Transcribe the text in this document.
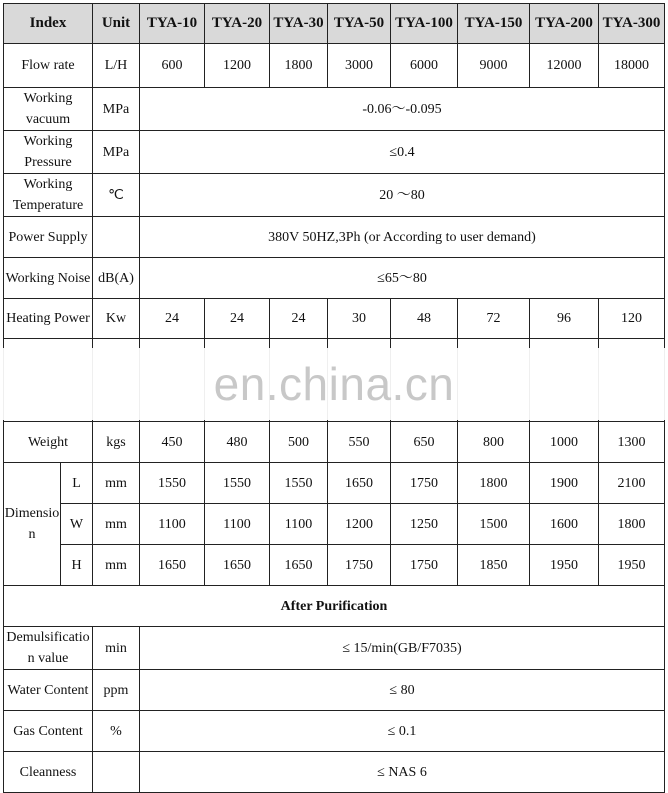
Index		Unit	TYA-10	TYA-20	TYA-30	TYA-50	TYA-100	TYA-150	TYA-200	TYA-300
Flow rate		L/H	600	1200	1800	3000	6000	9000	12000	18000
Working vacuum		MPa	-0.06～-0.095							
Working Pressure		MPa	≤0.4							
Working Temperature		℃	20 ～80							
Power Supply			380V 50HZ,3Ph (or According to user demand)							
Working Noise		dB(A)	≤65～80							
Heating Power		Kw	24	24	24	30	48	72	96	120

Weight		kgs	450	480	500	550	650	800	1000	1300
Dimension	L	mm	1550	1550	1550	1650	1750	1800	1900	2100
	W	mm	1100	1100	1100	1200	1250	1500	1600	1800
	H	mm	1650	1650	1650	1750	1750	1850	1950	1950
After Purification										
Demulsification value		min	≤ 15/min(GB/F7035)							
Water Content		ppm	≤ 80							
Gas Content		%	≤ 0.1							
Cleanness			≤ NAS 6							
en.china.cn
